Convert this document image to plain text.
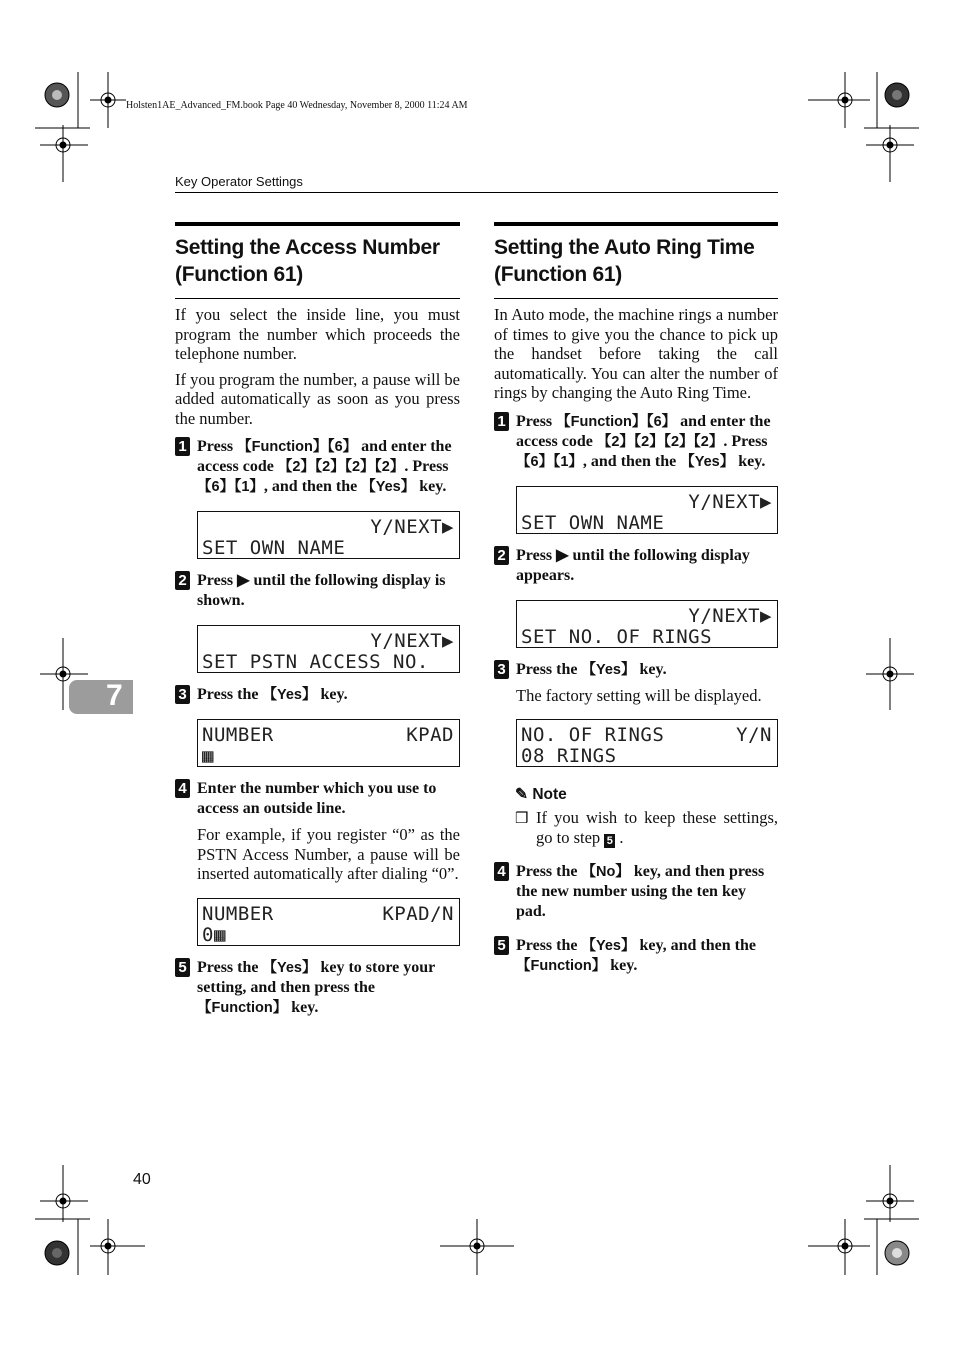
Holsten1AE_Advanced_FM.book Page 40 Wednesday, November 8, 2000 11:24 AM
Key Operator Settings
7
Setting the Access Number
(Function 61)

If you select the inside line, you must program the number which proceeds the telephone number.

If you program the number, a pause will be added automatically as soon as you press the number.

1 Press 【Function】【6】 and enter the access code 【2】【2】【2】【2】. Press 【6】【1】, and then the 【Yes】 key.

Y/NEXT▶
SET OWN NAME
2 Press ▶ until the following display is shown.

Y/NEXT▶
SET PSTN ACCESS NO.
3 Press the 【Yes】 key.

NUMBER	KPAD
▦
4 Enter the number which you use to access an outside line.

For example, if you register “0” as the PSTN Access Number, a pause will be inserted automatically after dialing “0”.

NUMBER	KPAD/N
0▦
5 Press the 【Yes】 key to store your setting, and then press the 【Function】 key.

Setting the Auto Ring Time
(Function 61)

In Auto mode, the machine rings a number of times to give you the chance to pick up the handset before taking the call automatically. You can alter the number of rings by changing the Auto Ring Time.

1 Press 【Function】【6】 and enter the access code 【2】【2】【2】【2】. Press 【6】【1】, and then the 【Yes】 key.

Y/NEXT▶
SET OWN NAME
2 Press ▶ until the following display appears.

Y/NEXT▶
SET NO. OF RINGS
3 Press the 【Yes】 key.

The factory setting will be displayed.

NO. OF RINGS	Y/N
08 RINGS
✎ Note
❒ If you wish to keep these settings, go to step 5 .
4 Press the 【No】 key, and then press the new number using the ten key pad.

5 Press the 【Yes】 key, and then the 【Function】 key.

40
